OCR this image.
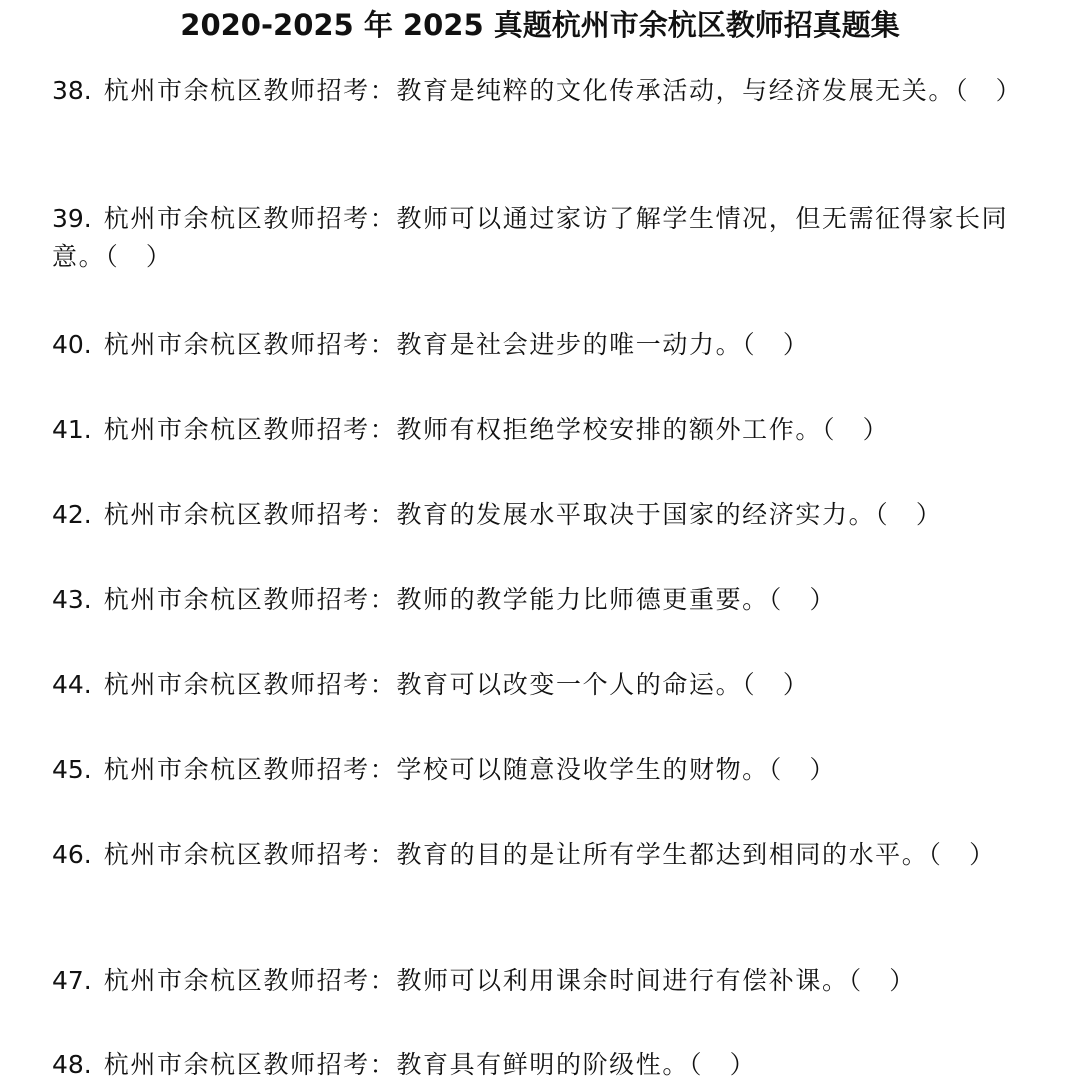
2020-2025 年 2025 真题杭州市余杭区教师招真题集
38. 杭州市余杭区教师招考：教育是纯粹的文化传承活动，与经济发展无关。（　）
39. 杭州市余杭区教师招考：教师可以通过家访了解学生情况，但无需征得家长同意。（　）
40. 杭州市余杭区教师招考：教育是社会进步的唯一动力。（　）
41. 杭州市余杭区教师招考：教师有权拒绝学校安排的额外工作。（　）
42. 杭州市余杭区教师招考：教育的发展水平取决于国家的经济实力。（　）
43. 杭州市余杭区教师招考：教师的教学能力比师德更重要。（　）
44. 杭州市余杭区教师招考：教育可以改变一个人的命运。（　）
45. 杭州市余杭区教师招考：学校可以随意没收学生的财物。（　）
46. 杭州市余杭区教师招考：教育的目的是让所有学生都达到相同的水平。（　）
47. 杭州市余杭区教师招考：教师可以利用课余时间进行有偿补课。（　）
48. 杭州市余杭区教师招考：教育具有鲜明的阶级性。（　）
